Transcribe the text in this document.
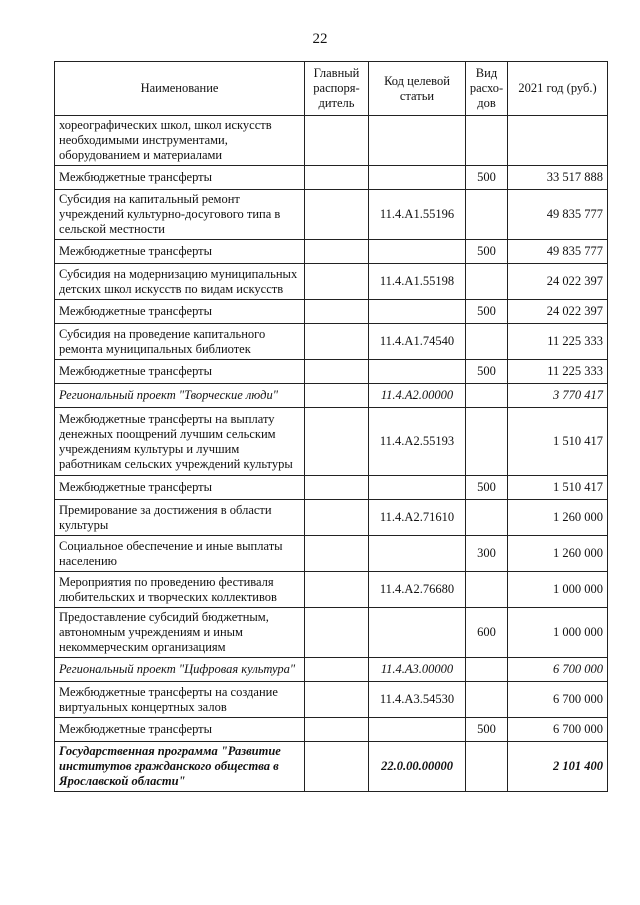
22
Наименование	Главный распоря-дитель	Код целевой статьи	Вид расхо-дов	2021 год (руб.)
хореографических школ, школ искусств необходимыми инструментами, оборудованием и материалами				
Межбюджетные трансферты			500	33 517 888
Субсидия на капитальный ремонт учреждений культурно-досугового типа в сельской местности		11.4.A1.55196		49 835 777
Межбюджетные трансферты			500	49 835 777
Субсидия на модернизацию муниципальных детских школ искусств по видам искусств		11.4.A1.55198		24 022 397
Межбюджетные трансферты			500	24 022 397
Субсидия на проведение капитального ремонта муниципальных библиотек		11.4.A1.74540		11 225 333
Межбюджетные трансферты			500	11 225 333
Региональный проект "Творческие люди"		11.4.A2.00000		3 770 417
Межбюджетные трансферты на выплату денежных поощрений лучшим сельским учреждениям культуры и лучшим работникам сельских учреждений культуры		11.4.A2.55193		1 510 417
Межбюджетные трансферты			500	1 510 417
Премирование за достижения в области культуры		11.4.A2.71610		1 260 000
Социальное обеспечение и иные выплаты населению			300	1 260 000
Мероприятия по проведению фестиваля любительских и творческих коллективов		11.4.A2.76680		1 000 000
Предоставление субсидий бюджетным, автономным учреждениям и иным некоммерческим организациям			600	1 000 000
Региональный проект "Цифровая культура"		11.4.A3.00000		6 700 000
Межбюджетные трансферты на создание виртуальных концертных залов		11.4.A3.54530		6 700 000
Межбюджетные трансферты			500	6 700 000
Государственная программа "Развитие институтов гражданского общества в Ярославской области"		22.0.00.00000		2 101 400
